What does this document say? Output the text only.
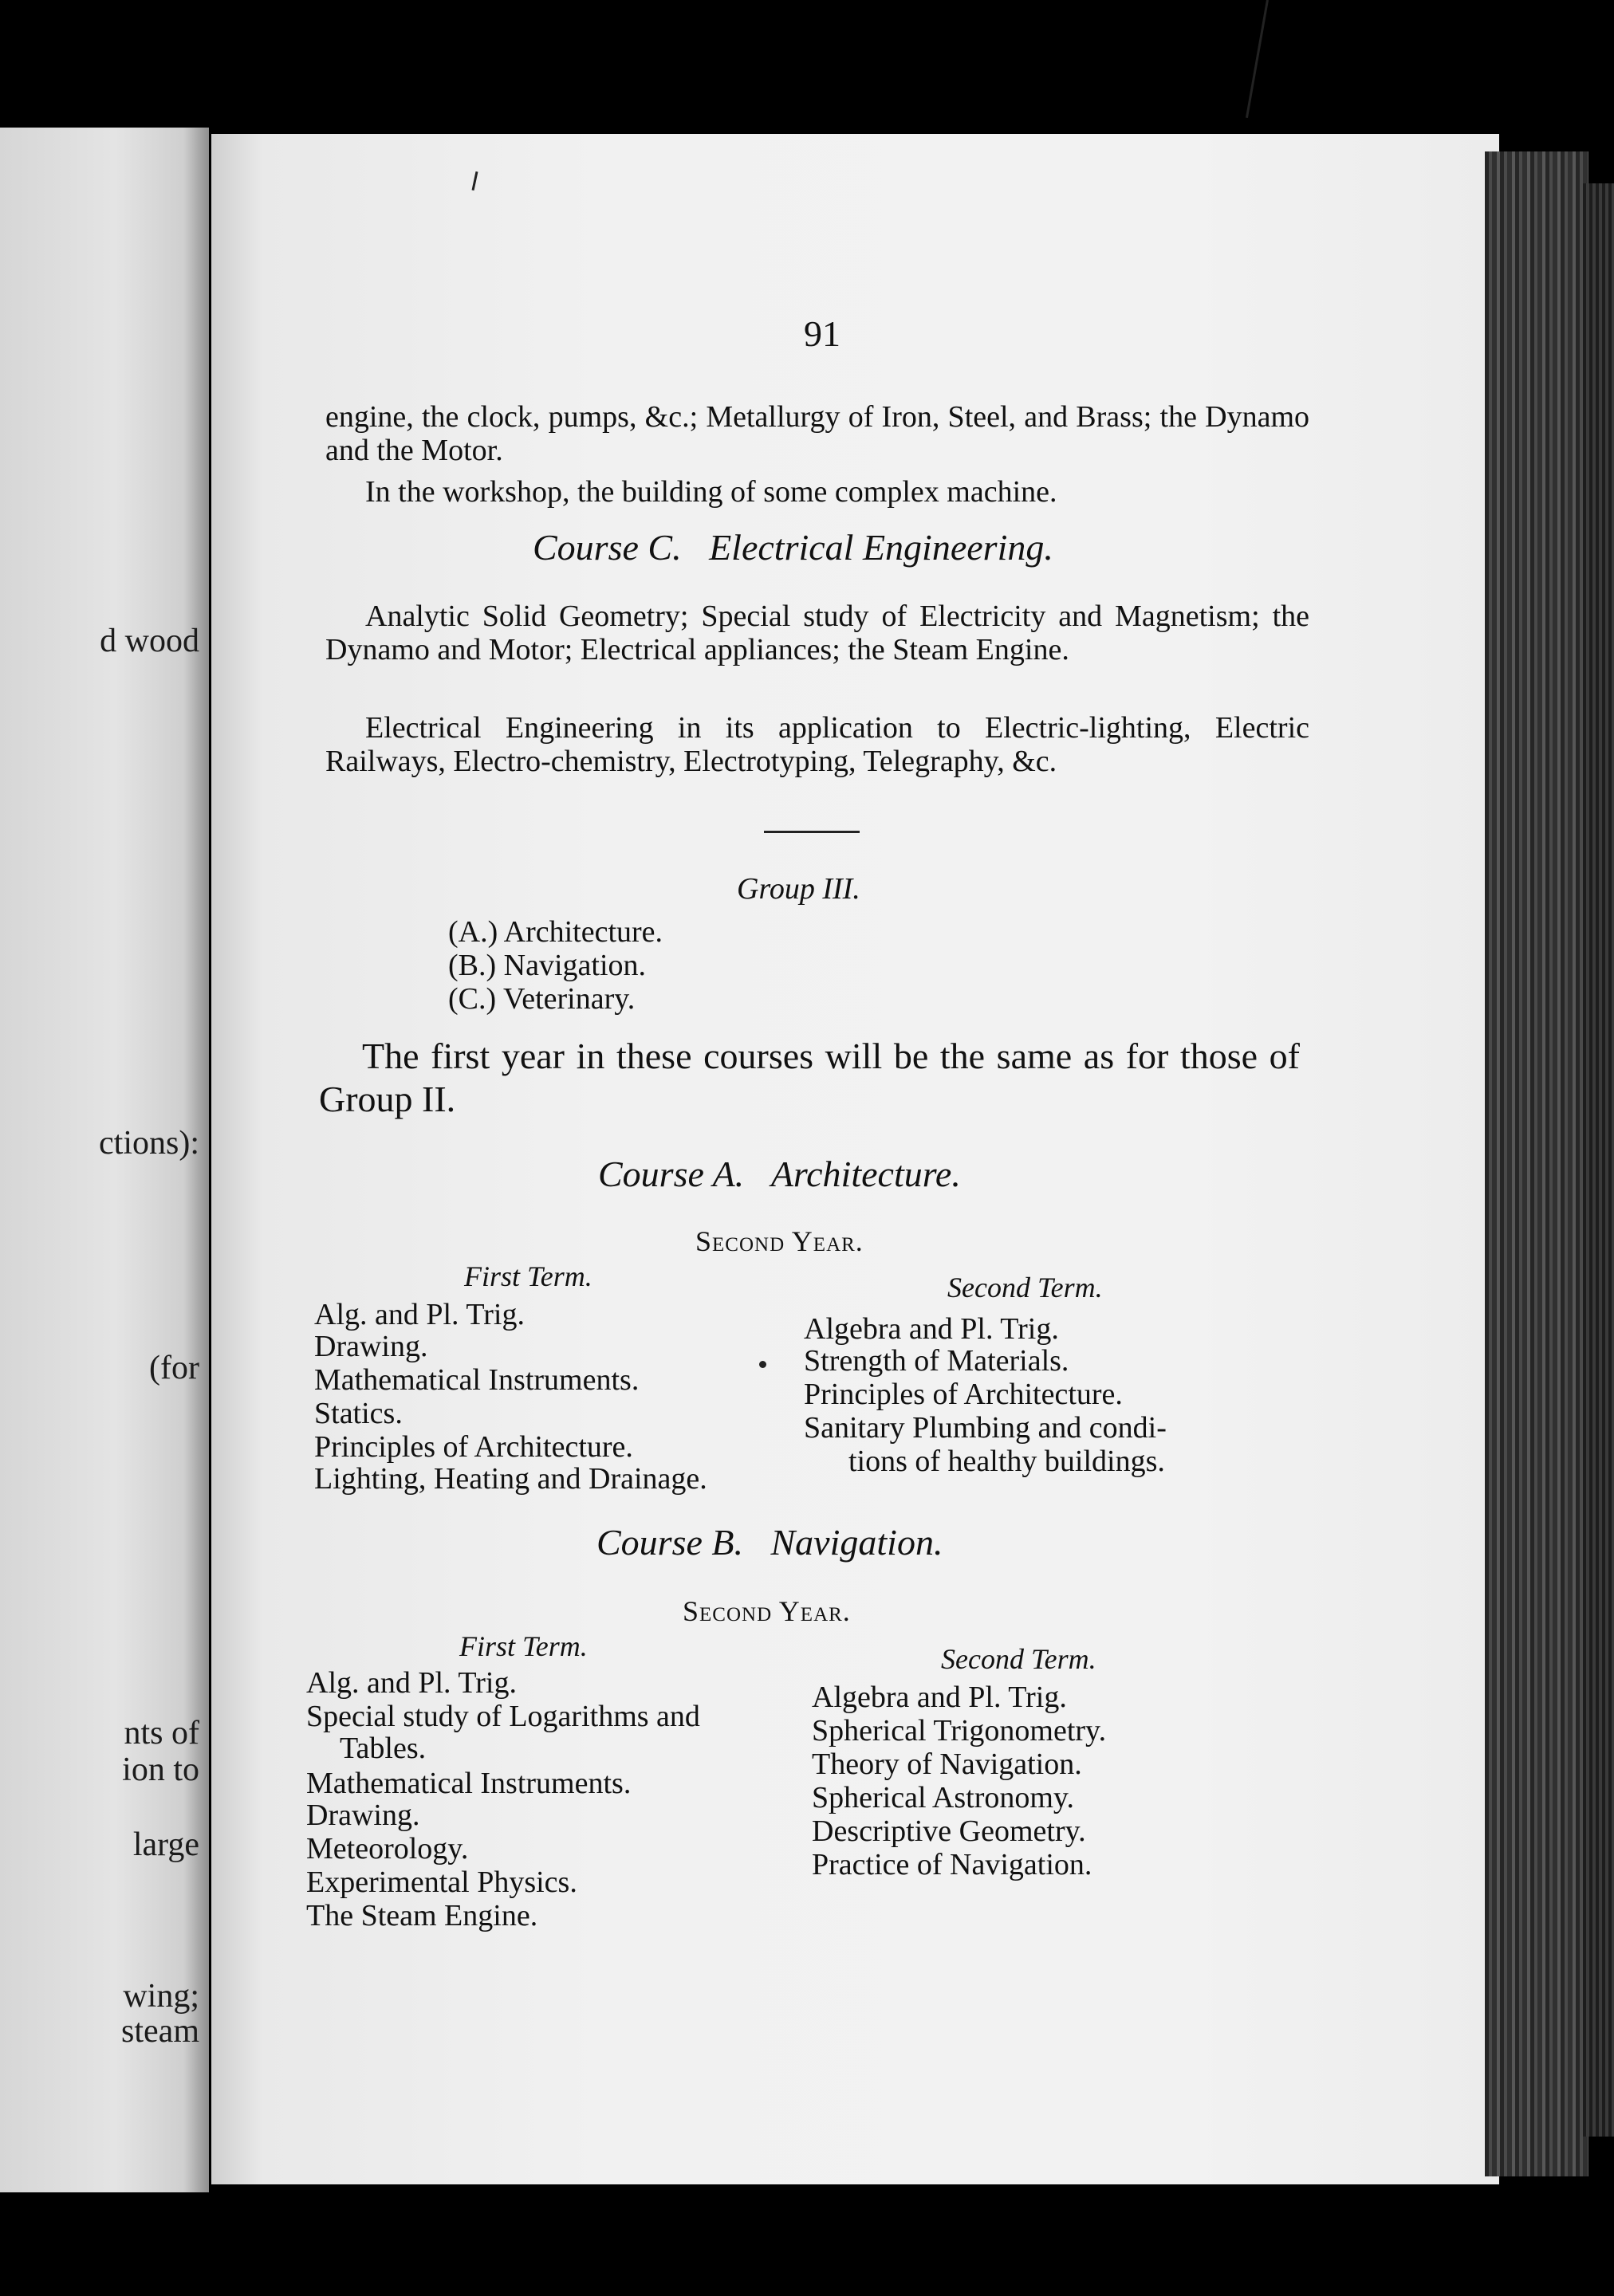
d wood
ctions):
(for
nts of
ion to
large
wing;
steam
91
engine, the clock, pumps, &c.; Metallurgy of Iron, Steel, and Brass; the Dynamo and the Motor.
In the workshop, the building of some complex machine.
Course C.   Electrical Engineering.
Analytic Solid Geometry; Special study of Electricity and Magnetism; the Dynamo and Motor; Electrical appliances; the Steam Engine.
Electrical Engineering in its application to Electric-lighting, Electric Railways, Electro-chemistry, Electrotyping, Telegraphy, &c.
Group III.
(A.) Architecture.
(B.) Navigation.
(C.) Veterinary.
The first year in these courses will be the same as for those of Group II.
Course A.   Architecture.
Second Year.
First Term.	Second Term.
Alg. and Pl. Trig.
Drawing.
Mathematical Instruments.
Statics.
Principles of Architecture.
Lighting, Heating and Drainage.
Algebra and Pl. Trig.
Strength of Materials.
Principles of Architecture.
Sanitary Plumbing and condi-
tions of healthy buildings.
Course B.   Navigation.
Second Year.
First Term.	Second Term.
Alg. and Pl. Trig.
Special study of Logarithms and
Tables.
Mathematical Instruments.
Drawing.
Meteorology.
Experimental Physics.
The Steam Engine.
Algebra and Pl. Trig.
Spherical Trigonometry.
Theory of Navigation.
Spherical Astronomy.
Descriptive Geometry.
Practice of Navigation.
